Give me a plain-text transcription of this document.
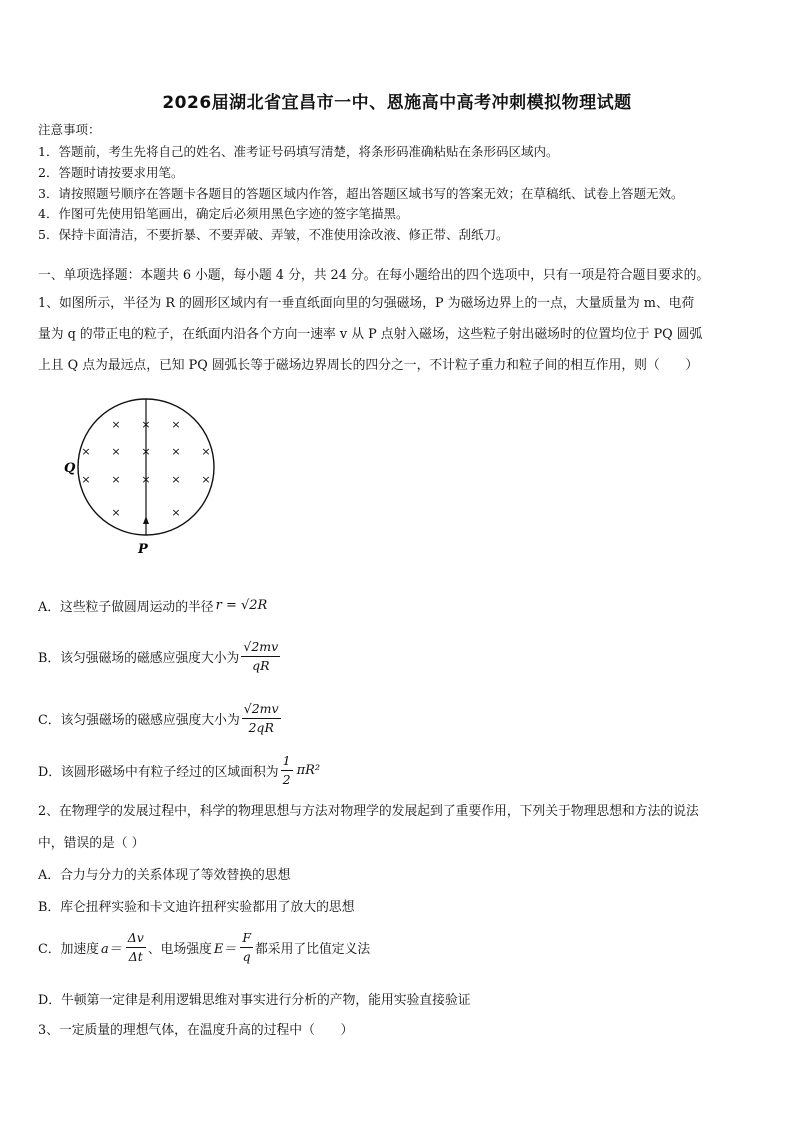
2026届湖北省宜昌市一中、恩施高中高考冲刺模拟物理试题
注意事项：
1．答题前，考生先将自己的姓名、准考证号码填写清楚，将条形码准确粘贴在条形码区域内。
2．答题时请按要求用笔。
3．请按照题号顺序在答题卡各题目的答题区域内作答，超出答题区域书写的答案无效；在草稿纸、试卷上答题无效。
4．作图可先使用铅笔画出，确定后必须用黑色字迹的签字笔描黑。
5．保持卡面清洁，不要折暴、不要弄破、弄皱，不准使用涂改液、修正带、刮纸刀。
一、单项选择题：本题共 6 小题，每小题 4 分，共 24 分。在每小题给出的四个选项中，只有一项是符合题目要求的。
1、如图所示，半径为 R 的圆形区域内有一垂直纸面向里的匀强磁场，P 为磁场边界上的一点，大量质量为 m、电荷
量为 q 的带正电的粒子，在纸面内沿各个方向一速率 v 从 P 点射入磁场，这些粒子射出磁场时的位置均位于 PQ 圆弧
上且 Q 点为最远点，已知 PQ 圆弧长等于磁场边界周长的四分之一，不计粒子重力和粒子间的相互作用，则（　　）
× × ×
× × × × ×
× × × × ×
×	×
Q
P
A．这些粒子做圆周运动的半径 r = √2R
B．该匀强磁场的磁感应强度大小为 $\frac{√2mv}{qR}$
C．该匀强磁场的磁感应强度大小为 $\frac{√2mv}{2qR}$
D．该圆形磁场中有粒子经过的区域面积为 $\frac{1}{2} \pi R^2$
2、在物理学的发展过程中，科学的物理思想与方法对物理学的发展起到了重要作用，下列关于物理思想和方法的说法
中，错误的是（ ）
A．合力与分力的关系体现了等效替换的思想
B．库仑扭秤实验和卡文迪许扭秤实验都用了放大的思想
C．加速度 $a= \frac{\Delta v}{\Delta t}$ 、电场强度 $E= \frac{F}{q}$ 都采用了比值定义法
D．牛顿第一定律是利用逻辑思维对事实进行分析的产物，能用实验直接验证
3、一定质量的理想气体，在温度升高的过程中（　　）
